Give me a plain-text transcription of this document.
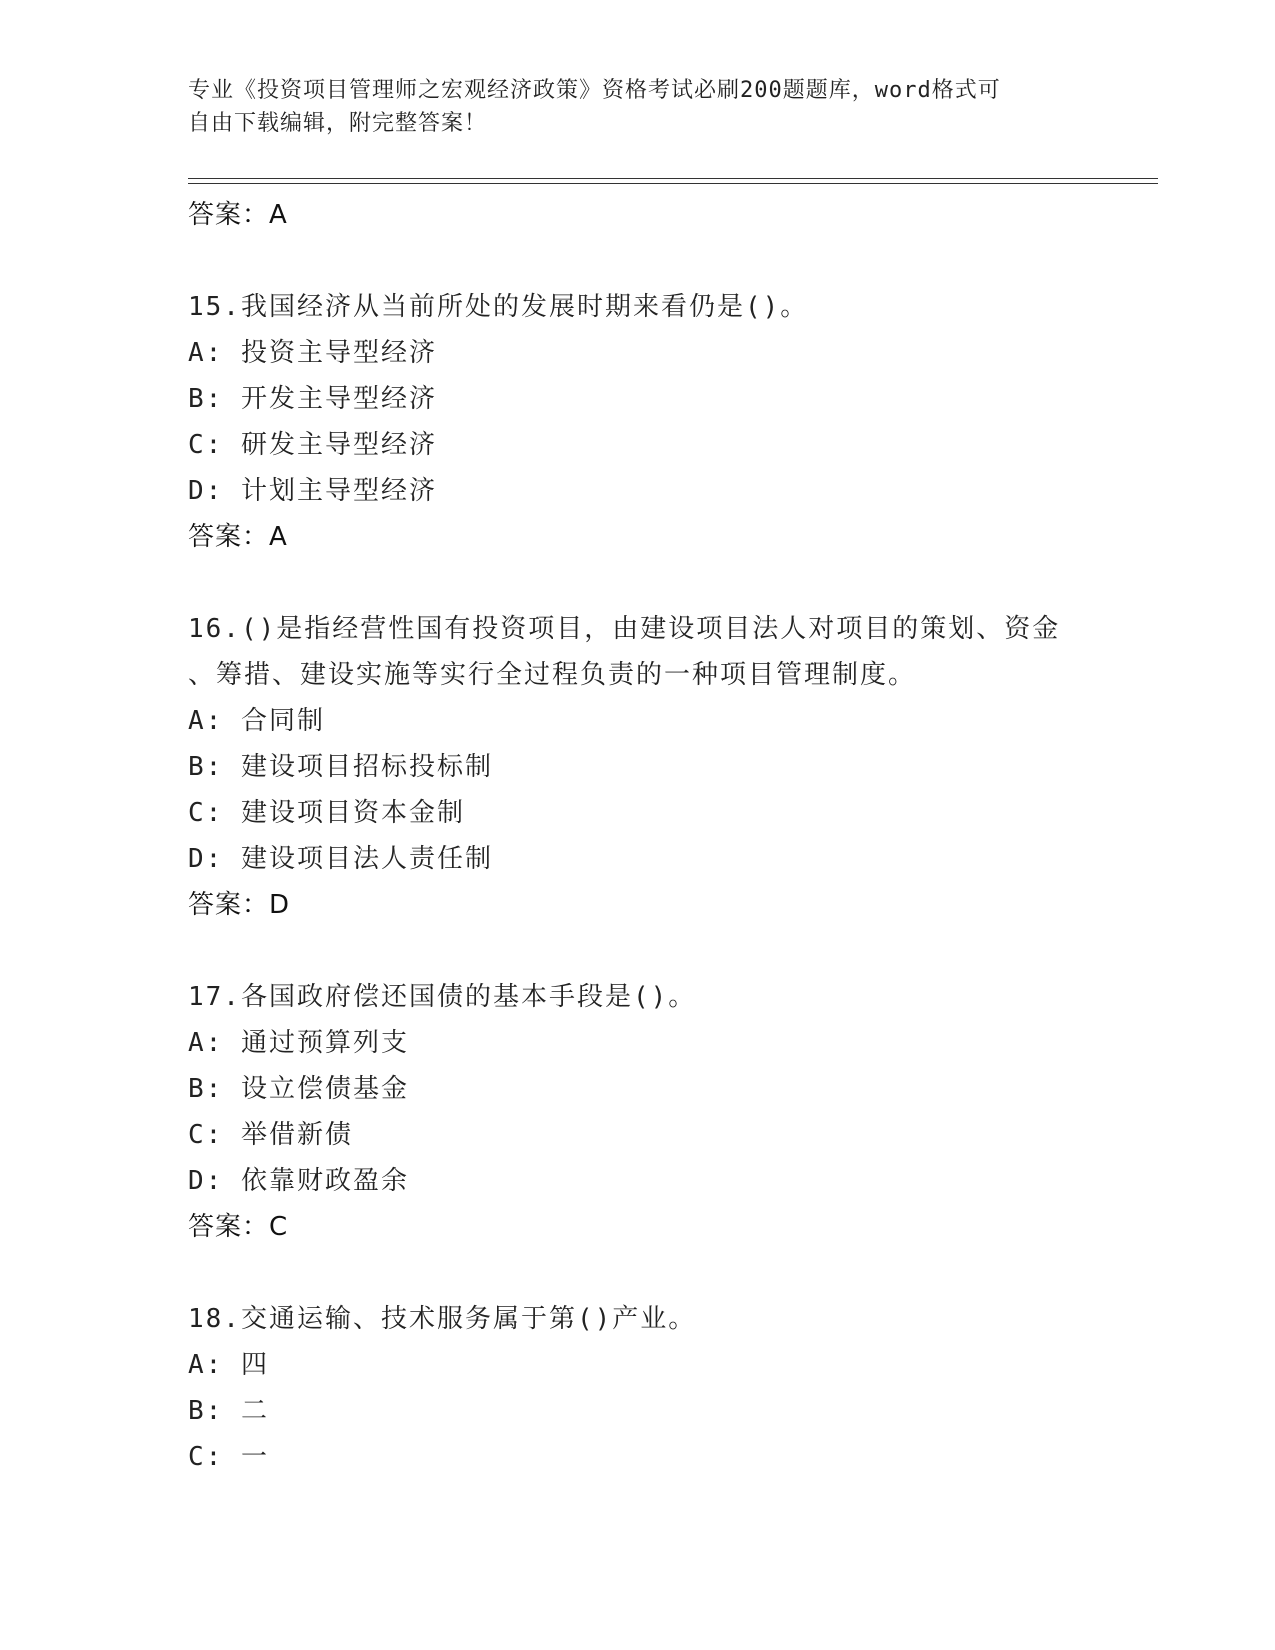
专业《投资项目管理师之宏观经济政策》资格考试必刷200题题库，word格式可
自由下载编辑，附完整答案！
答案：A
15.我国经济从当前所处的发展时期来看仍是()。
A: 投资主导型经济
B: 开发主导型经济
C: 研发主导型经济
D: 计划主导型经济
答案：A
16.()是指经营性国有投资项目，由建设项目法人对项目的策划、资金
、筹措、建设实施等实行全过程负责的一种项目管理制度。
A: 合同制
B: 建设项目招标投标制
C: 建设项目资本金制
D: 建设项目法人责任制
答案：D
17.各国政府偿还国债的基本手段是()。
A: 通过预算列支
B: 设立偿债基金
C: 举借新债
D: 依靠财政盈余
答案：C
18.交通运输、技术服务属于第()产业。
A: 四
B: 二
C: 一
